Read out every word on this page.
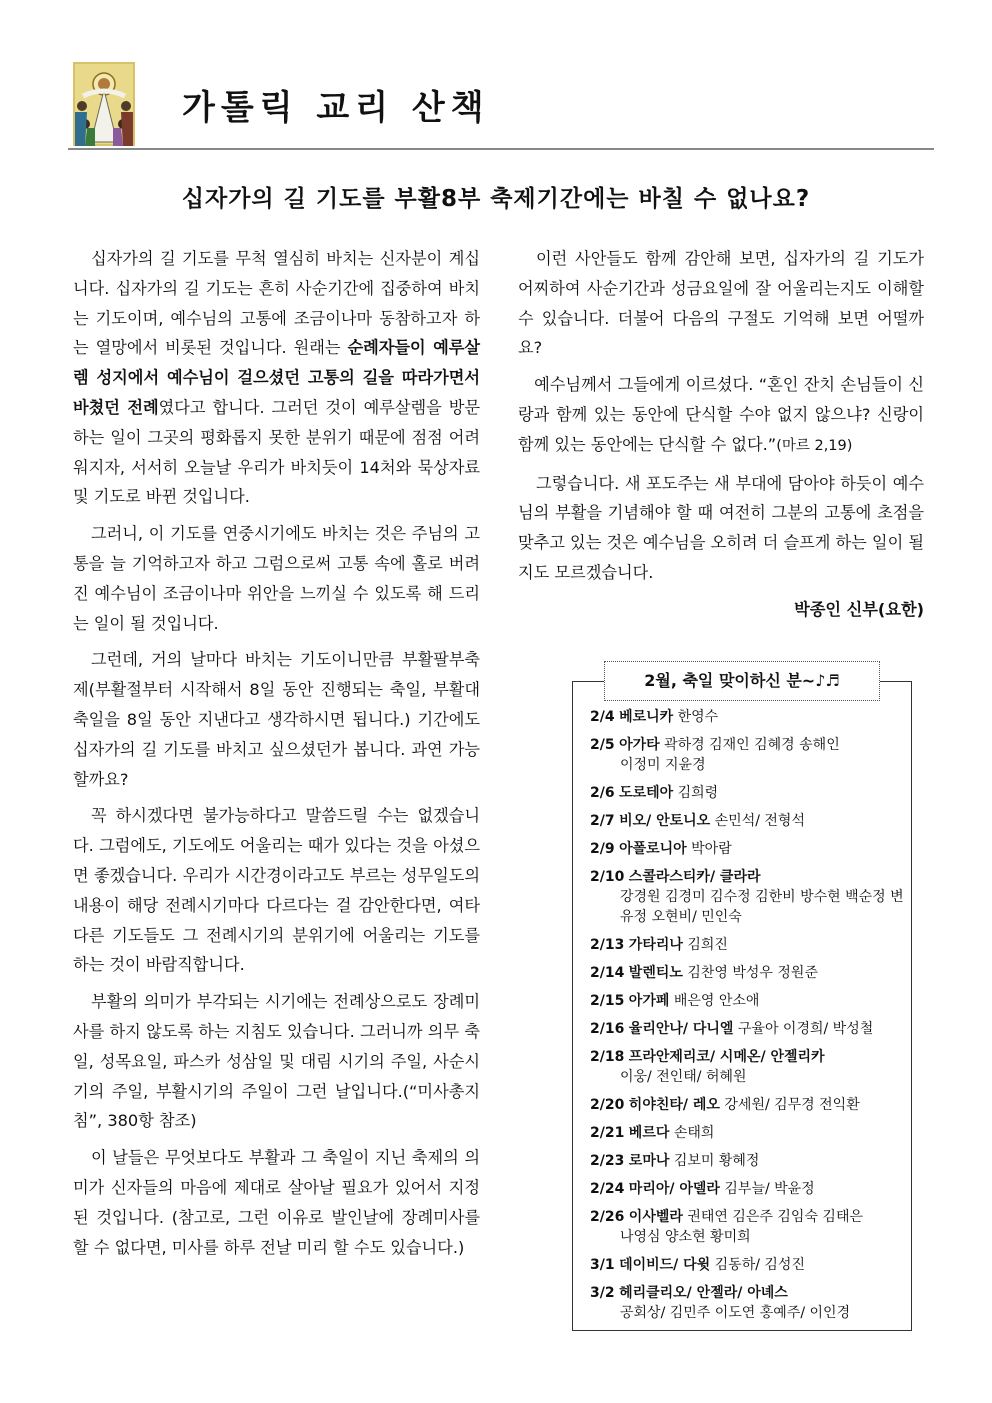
가톨릭 교리 산책
십자가의 길 기도를 부활8부 축제기간에는 바칠 수 없나요?

십자가의 길 기도를 무척 열심히 바치는 신자분이 계십니다. 십자가의 길 기도는 흔히 사순기간에 집중하여 바치는 기도이며, 예수님의 고통에 조금이나마 동참하고자 하는 열망에서 비롯된 것입니다. 원래는 순례자들이 예루살렘 성지에서 예수님이 걸으셨던 고통의 길을 따라가면서 바쳤던 전례였다고 합니다. 그러던 것이 예루살렘을 방문하는 일이 그곳의 평화롭지 못한 분위기 때문에 점점 어려워지자, 서서히 오늘날 우리가 바치듯이 14처와 묵상자료 및 기도로 바뀐 것입니다.

그러니, 이 기도를 연중시기에도 바치는 것은 주님의 고통을 늘 기억하고자 하고 그럼으로써 고통 속에 홀로 버려진 예수님이 조금이나마 위안을 느끼실 수 있도록 해 드리는 일이 될 것입니다.

그런데, 거의 날마다 바치는 기도이니만큼 부활팔부축제(부활절부터 시작해서 8일 동안 진행되는 축일, 부활대축일을 8일 동안 지낸다고 생각하시면 됩니다.) 기간에도 십자가의 길 기도를 바치고 싶으셨던가 봅니다. 과연 가능할까요?

꼭 하시겠다면 불가능하다고 말씀드릴 수는 없겠습니다. 그럼에도, 기도에도 어울리는 때가 있다는 것을 아셨으면 좋겠습니다. 우리가 시간경이라고도 부르는 성무일도의 내용이 해당 전례시기마다 다르다는 걸 감안한다면, 여타 다른 기도들도 그 전례시기의 분위기에 어울리는 기도를 하는 것이 바람직합니다.

부활의 의미가 부각되는 시기에는 전례상으로도 장례미사를 하지 않도록 하는 지침도 있습니다. 그러니까 의무 축일, 성목요일, 파스카 성삼일 및 대림 시기의 주일, 사순시기의 주일, 부활시기의 주일이 그런 날입니다.(“미사총지침”, 380항 참조)

이 날들은 무엇보다도 부활과 그 축일이 지닌 축제의 의미가 신자들의 마음에 제대로 살아날 필요가 있어서 지정된 것입니다. (참고로, 그런 이유로 발인날에 장례미사를 할 수 없다면, 미사를 하루 전날 미리 할 수도 있습니다.)

이런 사안들도 함께 감안해 보면, 십자가의 길 기도가 어찌하여 사순기간과 성금요일에 잘 어울리는지도 이해할 수 있습니다. 더불어 다음의 구절도 기억해 보면 어떨까요?

예수님께서 그들에게 이르셨다. “혼인 잔치 손님들이 신랑과 함께 있는 동안에 단식할 수야 없지 않으냐? 신랑이 함께 있는 동안에는 단식할 수 없다.”(마르 2,19)

그렇습니다. 새 포도주는 새 부대에 담아야 하듯이 예수님의 부활을 기념해야 할 때 여전히 그분의 고통에 초점을 맞추고 있는 것은 예수님을 오히려 더 슬프게 하는 일이 될지도 모르겠습니다.

박종인 신부(요한)

2월, 축일 맞이하신 분~♪♬
2/4 베로니카 한영수
2/5 아가타 곽하경 김재인 김혜경 송해인
이정미 지윤경
2/6 도로테아 김희령
2/7 비오/ 안토니오 손민석/ 전형석
2/9 아폴로니아 박아람
2/10 스콜라스티카/ 클라라
강경원 김경미 김수정 김한비 방수현 백순정 변유정 오현비/ 민인숙
2/13 가타리나 김희진
2/14 발렌티노 김찬영 박성우 정원준
2/15 아가페 배은영 안소애
2/16 율리안나/ 다니엘 구율아 이경희/ 박성철
2/18 프라안제리코/ 시메온/ 안젤리카
이웅/ 전인태/ 허혜원
2/20 히야친타/ 레오 강세원/ 김무경 전익환
2/21 베르다 손태희
2/23 로마나 김보미 황혜정
2/24 마리아/ 아델라 김부늘/ 박윤정
2/26 이사벨라 권태연 김은주 김임숙 김태은
나영심 양소현 황미희
3/1 데이비드/ 다윗 김동하/ 김성진
3/2 헤리클리오/ 안젤라/ 아녜스
공회상/ 김민주 이도연 홍예주/ 이인경
